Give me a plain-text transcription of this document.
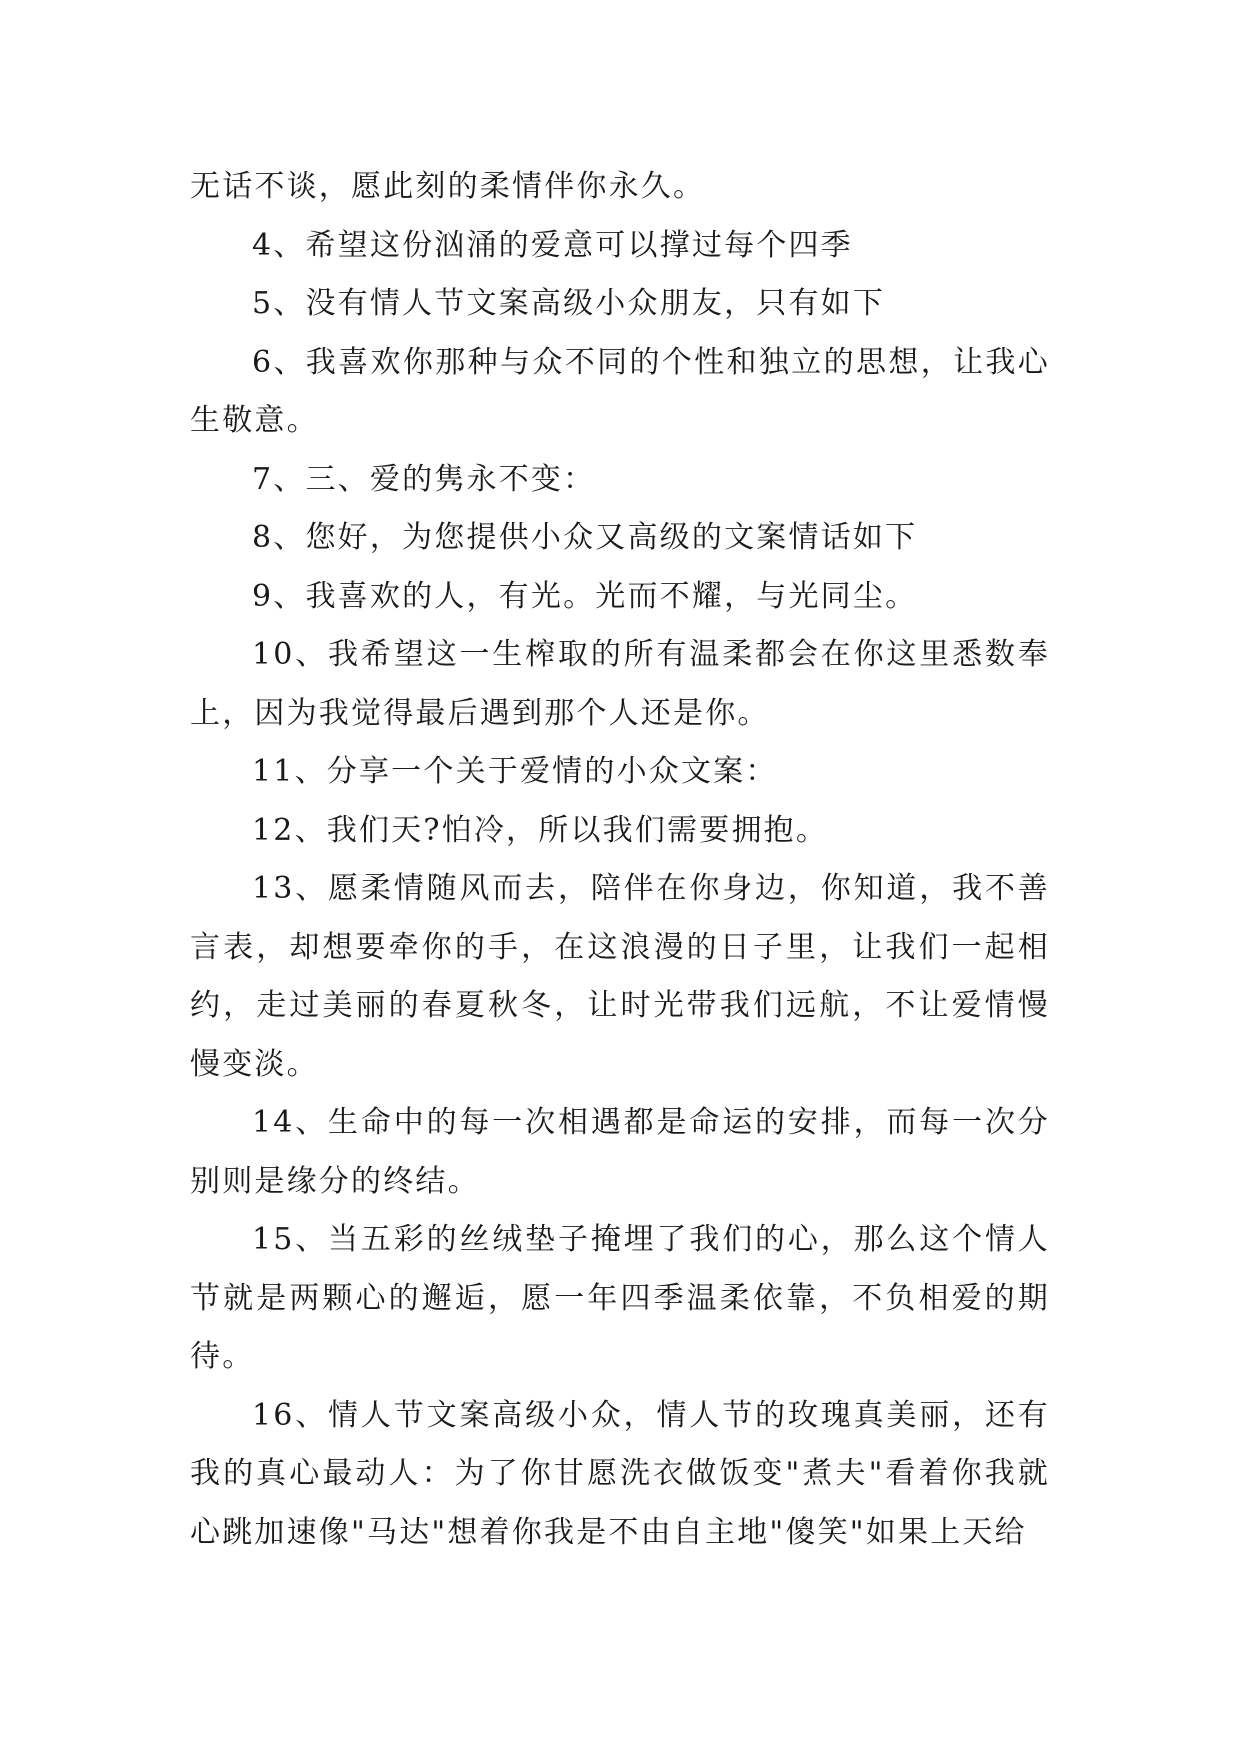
无话不谈，愿此刻的柔情伴你永久。

4、希望这份汹涌的爱意可以撑过每个四季

5、没有情人节文案高级小众朋友，只有如下

6、我喜欢你那种与众不同的个性和独立的思想，让我心生敬意。

7、三、爱的隽永不变：

8、您好，为您提供小众又高级的文案情话如下

9、我喜欢的人，有光。光而不耀，与光同尘。

10、我希望这一生榨取的所有温柔都会在你这里悉数奉上，因为我觉得最后遇到那个人还是你。

11、分享一个关于爱情的小众文案：

12、我们天?怕冷，所以我们需要拥抱。

13、愿柔情随风而去，陪伴在你身边，你知道，我不善言表，却想要牵你的手，在这浪漫的日子里，让我们一起相约，走过美丽的春夏秋冬，让时光带我们远航，不让爱情慢慢变淡。

14、生命中的每一次相遇都是命运的安排，而每一次分别则是缘分的终结。

15、当五彩的丝绒垫子掩埋了我们的心，那么这个情人节就是两颗心的邂逅，愿一年四季温柔依靠，不负相爱的期待。

16、情人节文案高级小众，情人节的玫瑰真美丽，还有我的真心最动人：为了你甘愿洗衣做饭变"煮夫"看着你我就心跳加速像"马达"想着你我是不由自主地"傻笑"如果上天给
